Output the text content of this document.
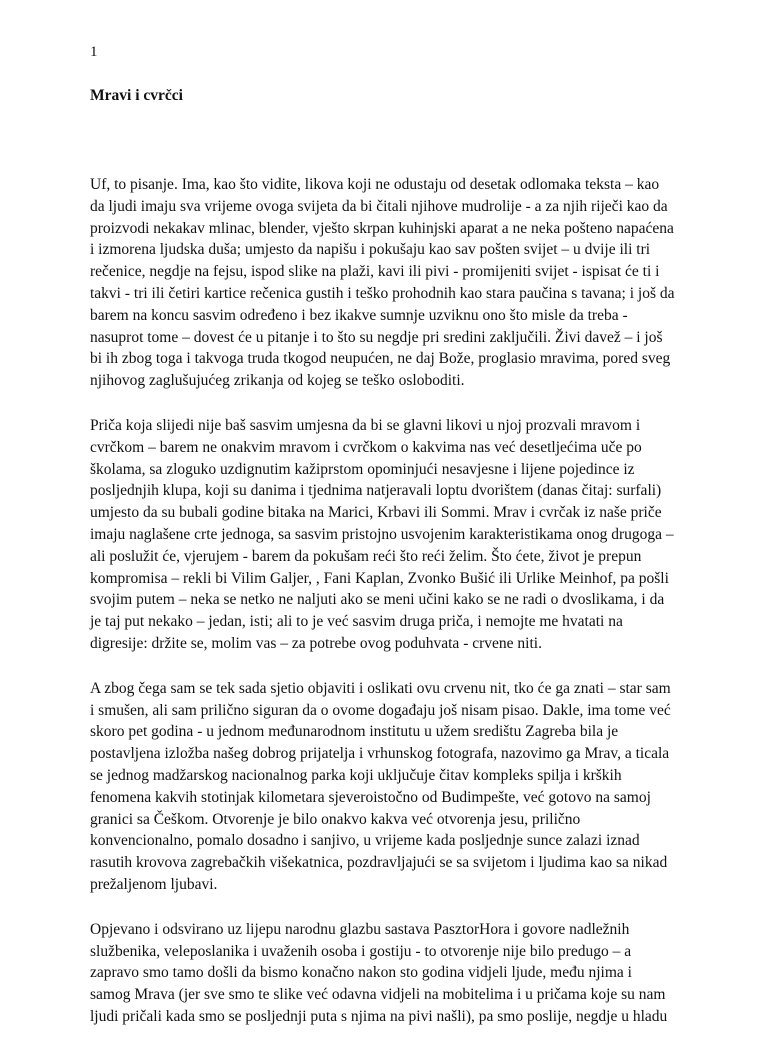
1
Mravi i cvrčci

Uf, to pisanje. Ima, kao što vidite, likova koji ne odustaju od desetak odlomaka teksta – kao
da ljudi imaju sva vrijeme ovoga svijeta da bi čitali njihove mudrolije - a za njih riječi kao da
proizvodi nekakav mlinac, blender, vješto skrpan kuhinjski aparat a ne neka pošteno napaćena
i izmorena ljudska duša; umjesto da napišu i pokušaju kao sav pošten svijet – u dvije ili tri
rečenice, negdje na fejsu, ispod slike na plaži, kavi ili pivi - promijeniti svijet - ispisat će ti i
takvi - tri ili četiri kartice rečenica gustih i teško prohodnih kao stara paučina s tavana; i još da
barem na koncu sasvim određeno i bez ikakve sumnje uzviknu ono što misle da treba -
nasuprot tome – dovest će u pitanje i to što su negdje pri sredini zaključili. Živi davež – i još
bi ih zbog toga i takvoga truda tkogod neupućen, ne daj Bože, proglasio mravima, pored sveg
njihovog zaglušujućeg zrikanja od kojeg se teško osloboditi.

Priča koja slijedi nije baš sasvim umjesna da bi se glavni likovi u njoj prozvali mravom i
cvrčkom – barem ne onakvim mravom i cvrčkom o kakvima nas već desetljećima uče po
školama, sa zloguko uzdignutim kažiprstom opominjući nesavjesne i lijene pojedince iz
posljednjih klupa, koji su danima i tjednima natjeravali loptu dvorištem (danas čitaj: surfali)
umjesto da su bubali godine bitaka na Marici, Krbavi ili Sommi. Mrav i cvrčak iz naše priče
imaju naglašene crte jednoga, sa sasvim pristojno usvojenim karakteristikama onog drugoga –
ali poslužit će, vjerujem - barem da pokušam reći što reći želim. Što ćete, život je prepun
kompromisa – rekli bi Vilim Galjer, , Fani Kaplan, Zvonko Bušić ili Urlike Meinhof, pa pošli
svojim putem – neka se netko ne naljuti ako se meni učini kako se ne radi o dvoslikama, i da
je taj put nekako – jedan, isti; ali to je već sasvim druga priča, i nemojte me hvatati na
digresije: držite se, molim vas – za potrebe ovog poduhvata - crvene niti.

A zbog čega sam se tek sada sjetio objaviti i oslikati ovu crvenu nit, tko će ga znati – star sam
i smušen, ali sam prilično siguran da o ovome događaju još nisam pisao. Dakle, ima tome već
skoro pet godina - u jednom međunarodnom institutu u užem središtu Zagreba bila je
postavljena izložba našeg dobrog prijatelja i vrhunskog fotografa, nazovimo ga Mrav, a ticala
se jednog madžarskog nacionalnog parka koji uključuje čitav kompleks spilja i krških
fenomena kakvih stotinjak kilometara sjeveroistočno od Budimpešte, već gotovo na samoj
granici sa Češkom. Otvorenje je bilo onakvo kakva već otvorenja jesu, prilično
konvencionalno, pomalo dosadno i sanjivo, u vrijeme kada posljednje sunce zalazi iznad
rasutih krovova zagrebačkih višekatnica, pozdravljajući se sa svijetom i ljudima kao sa nikad
prežaljenom ljubavi.

Opjevano i odsvirano uz lijepu narodnu glazbu sastava PasztorHora i govore nadležnih
službenika, veleposlanika i uvaženih osoba i gostiju - to otvorenje nije bilo predugo – a
zapravo smo tamo došli da bismo konačno nakon sto godina vidjeli ljude, među njima i
samog Mrava (jer sve smo te slike već odavna vidjeli na mobitelima i u pričama koje su nam
ljudi pričali kada smo se posljednji puta s njima na pivi našli), pa smo poslije, negdje u hladu
